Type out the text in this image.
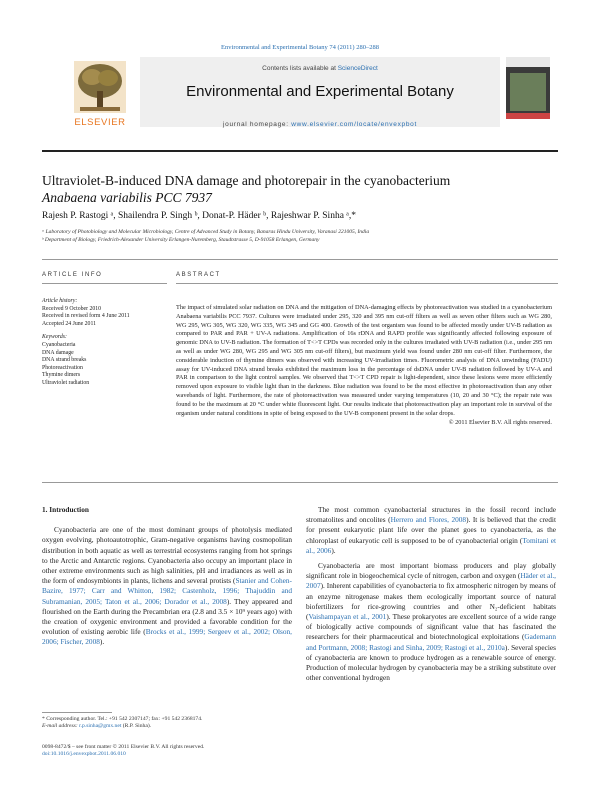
Environmental and Experimental Botany 74 (2011) 280–288
ELSEVIER
Contents lists available at ScienceDirect
Environmental and Experimental Botany
journal homepage: www.elsevier.com/locate/envexpbot
Ultraviolet-B-induced DNA damage and photorepair in the cyanobacterium
Anabaena variabilis PCC 7937
Rajesh P. Rastogi ᵃ, Shailendra P. Singh ᵇ, Donat-P. Häder ᵇ, Rajeshwar P. Sinha ᵃ,*
ᵃ Laboratory of Photobiology and Molecular Microbiology, Centre of Advanced Study in Botany, Banaras Hindu University, Varanasi 221005, India
ᵇ Department of Biology, Friedrich-Alexander University Erlangen-Nuremberg, Staudtstrasse 5, D-91058 Erlangen, Germany
ARTICLE INFO	ABSTRACT
Article history:
Received 9 October 2010
Received in revised form 4 June 2011
Accepted 24 June 2011
Keywords:
Cyanobacteria
DNA damage
DNA strand breaks
Photoreactivation
Thymine dimers
Ultraviolet radiation
The impact of simulated solar radiation on DNA and the mitigation of DNA-damaging effects by photoreactivation was studied in a cyanobacterium Anabaena variabilis PCC 7937. Cultures were irradiated under 295, 320 and 395 nm cut-off filters as well as seven other filters such as WG 280, WG 295, WG 305, WG 320, WG 335, WG 345 and GG 400. Growth of the test organism was found to be affected mostly under UV-B radiation as compared to PAR and PAR + UV-A radiations. Amplification of 16s rDNA and RAPD profile was significantly affected following exposure of genomic DNA to UV-B radiation. The formation of T<>T CPDs was recorded only in the cultures irradiated with UV-B radiation (i.e., under 295 nm as well as under WG 280, WG 295 and WG 305 nm cut-off filters), but maximum yield was found under 280 nm cut-off filter. Furthermore, the considerable induction of thymine dimers was observed with increasing UV-irradiation times. Fluorometric analysis of DNA unwinding (FADU) assay for UV-induced DNA strand breaks exhibited the maximum loss in the percentage of dsDNA under UV-B radiation followed by UV-A and PAR in comparison to the light control samples. We observed that T<>T CPD repair is light-dependent, since these lesions were more efficiently removed upon exposure to visible light than in the darkness. Blue radiation was found to be the most effective in photoreactivation than any other wavebands of light. Furthermore, the rate of photoreactivation was measured under varying temperatures (10, 20 and 30 °C); the repair rate was found to be the maximum at 20 °C under white fluorescent light. Our results indicate that photoreactivation play an important role in survival of the organism under natural conditions in spite of being exposed to the UV-B component present in the solar drops.
© 2011 Elsevier B.V. All rights reserved.
1. Introduction
Cyanobacteria are one of the most dominant groups of photolysis mediated oxygen evolving, photoautotrophic, Gram-negative organisms having cosmopolitan distribution in both aquatic as well as terrestrial ecosystems ranging from hot springs to the Arctic and Antarctic regions. Cyanobacteria also occupy an important place in other extreme environments such as high salinities, pH and irradiances as well as in the form of endosymbionts in plants, lichens and several protists (Stanier and Cohen-Bazire, 1977; Carr and Whitton, 1982; Castenholz, 1996; Thajuddin and Subramanian, 2005; Taton et al., 2006; Dorador et al., 2008). They appeared and flourished on the Earth during the Precambrian era (2.8 and 3.5 × 10⁹ years ago) with the creation of oxygenic environment and provided a favorable condition for the evolution of existing aerobic life (Brocks et al., 1999; Sergeev et al., 2002; Olson, 2006; Fischer, 2008).
The most common cyanobacterial structures in the fossil record include stromatolites and oncolites (Herrero and Flores, 2008). It is believed that the credit for present eukaryotic plant life over the planet goes to cyanobacteria, as the chloroplast of eukaryotic cell is supposed to be of cyanobacterial origin (Tomitani et al., 2006).
Cyanobacteria are most important biomass producers and play globally significant role in biogeochemical cycle of nitrogen, carbon and oxygen (Häder et al., 2007). Inherent capabilities of cyanobacteria to fix atmospheric nitrogen by means of an enzyme nitrogenase makes them ecologically important source of natural biofertilizers for rice-growing countries and other N₂-deficient habitats (Vaishampayan et al., 2001). These prokaryotes are excellent source of a wide range of biologically active compounds of significant value that has fascinated the researchers for their pharmaceutical and biotechnological exploitations (Gademann and Portmann, 2008; Rastogi and Sinha, 2009; Rastogi et al., 2010a). Several species of cyanobacteria are known to produce hydrogen as a renewable source of energy. Production of molecular hydrogen by cyanobacteria may be a striking substitute over other conventional hydrogen
* Corresponding author. Tel.: +91 542 2307147; fax: +91 542 2368174.
E-mail address: r.p.sinha@gmx.net (R.P. Sinha).
0098-8472/$ – see front matter © 2011 Elsevier B.V. All rights reserved.
doi:10.1016/j.envexpbot.2011.06.010
